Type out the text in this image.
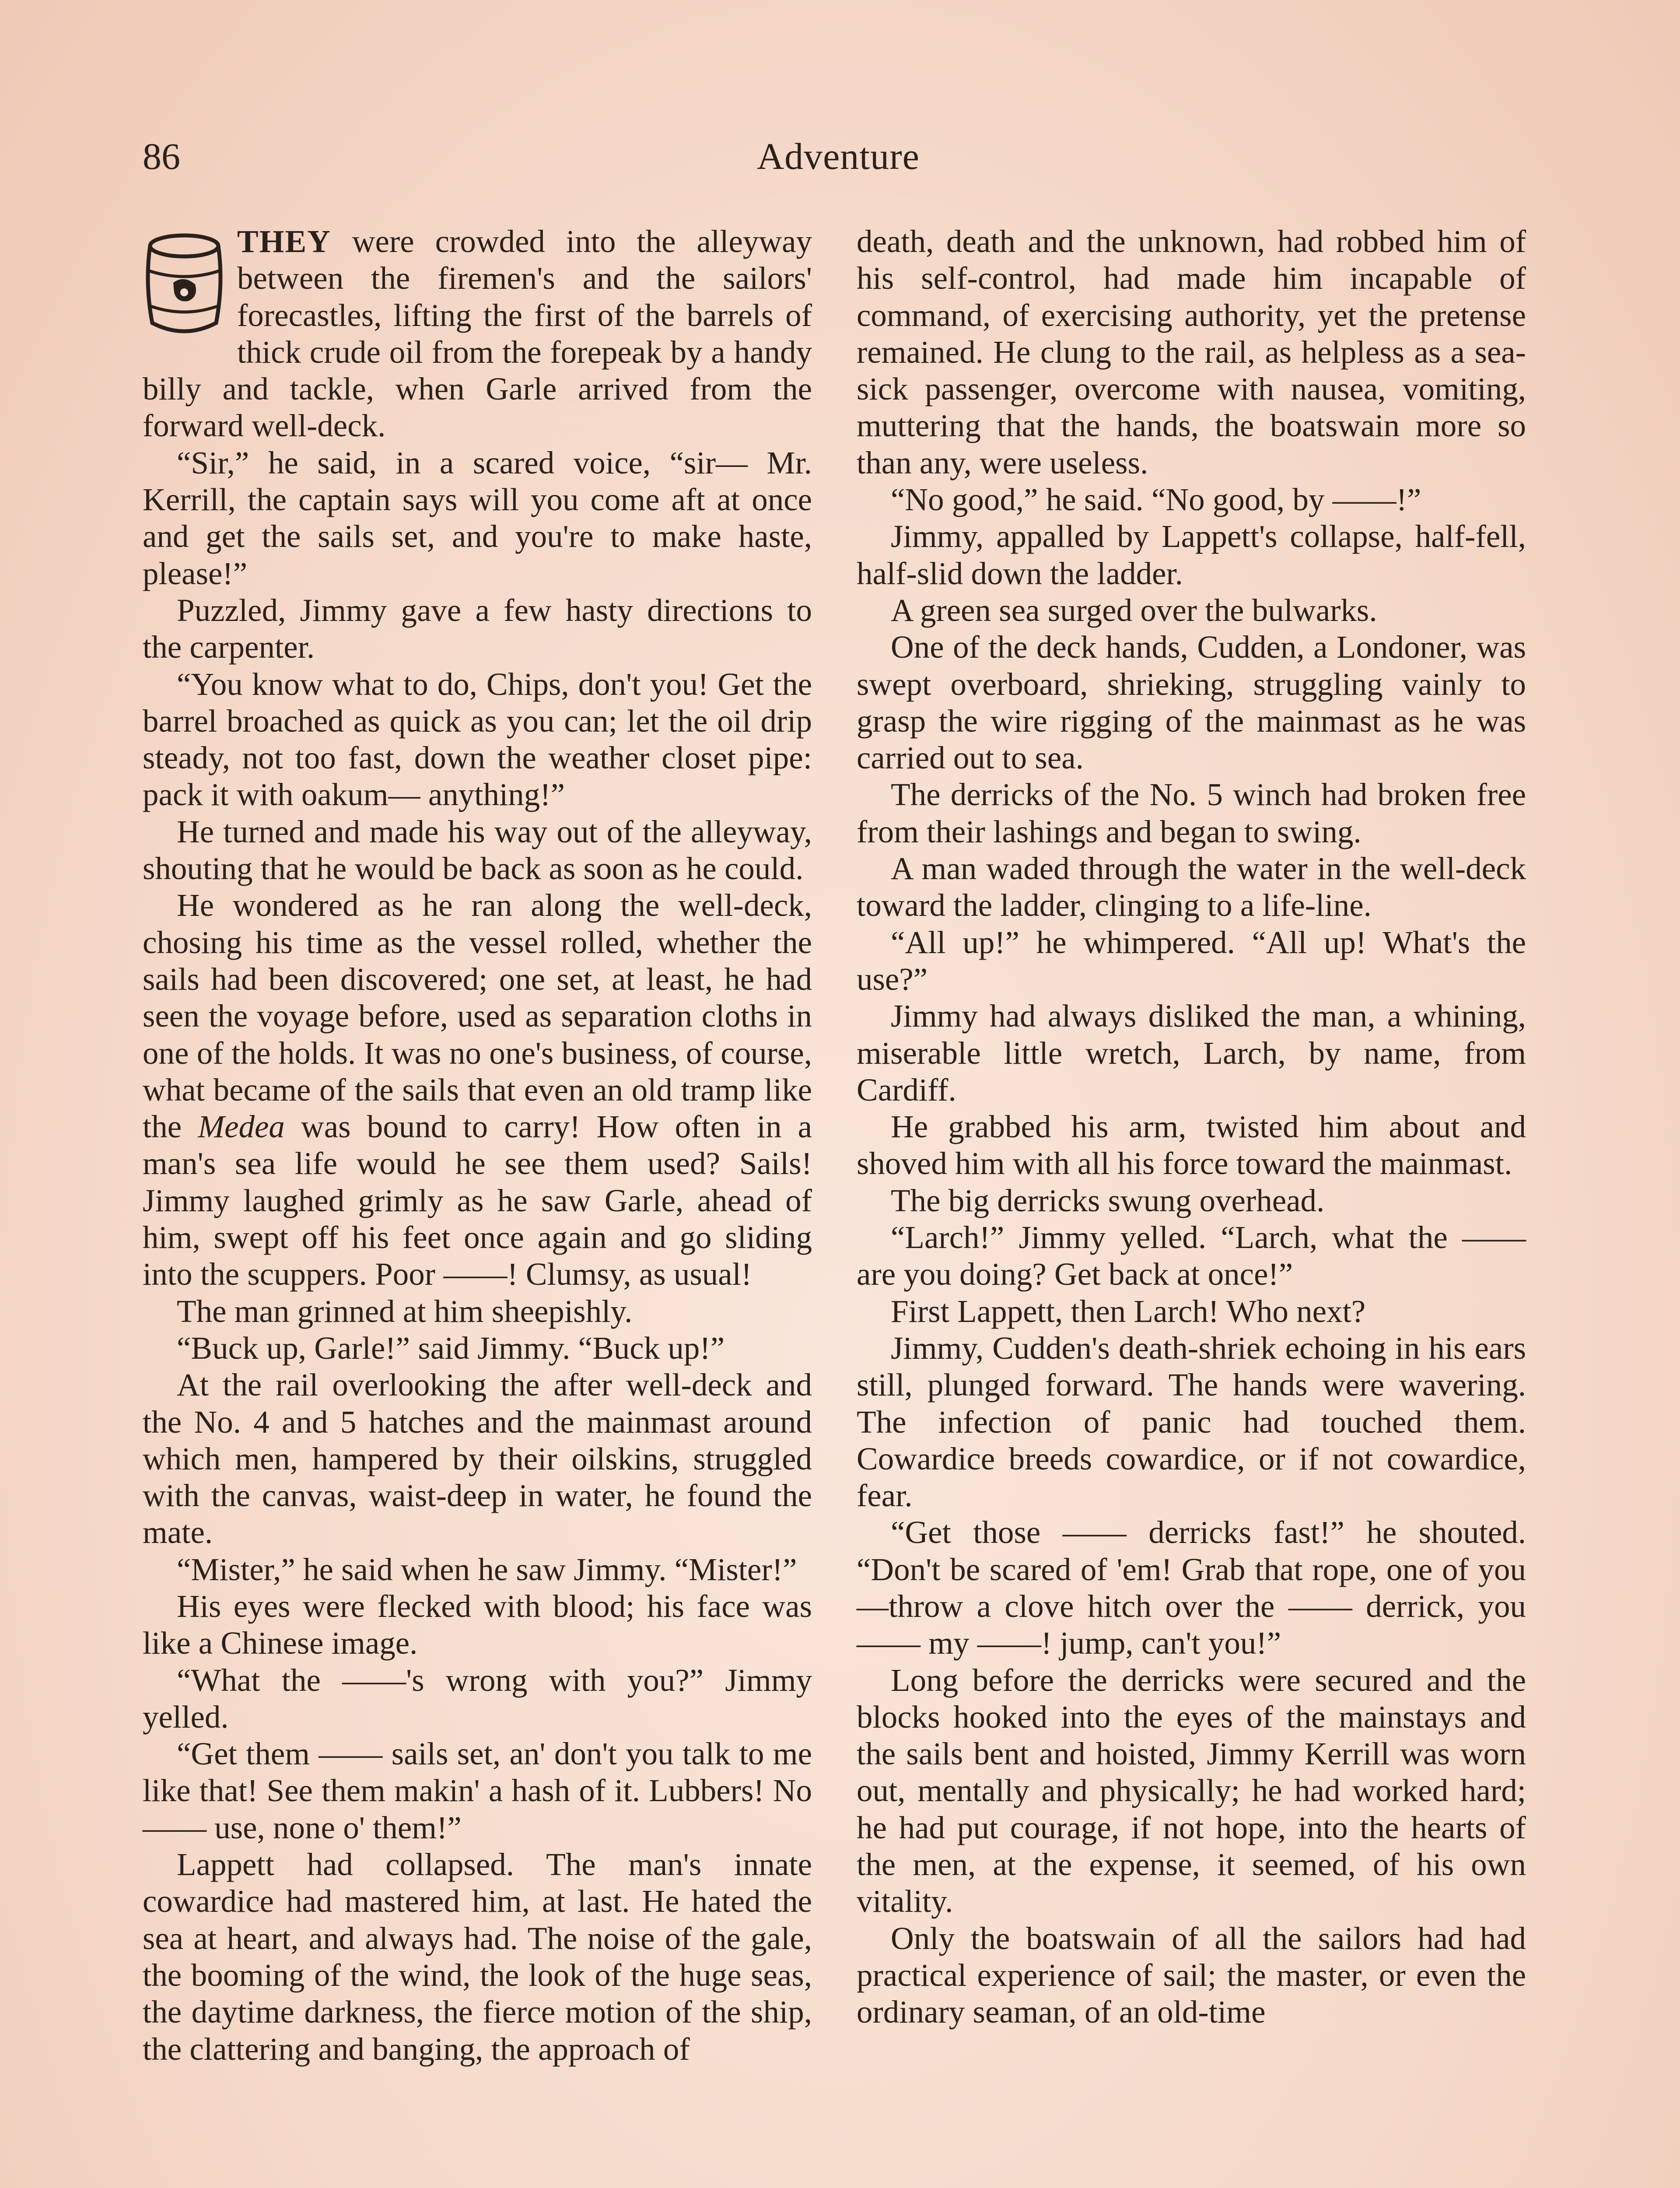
86	Adventure

THEY were crowded into the alleyway between the firemen's and the sailors' forecastles, lifting the first of the barrels of thick crude oil from the forepeak by a handy billy and tackle, when Garle arrived from the forward well-deck.

“Sir,” he said, in a scared voice, “sir— Mr. Kerrill, the captain says will you come aft at once and get the sails set, and you're to make haste, please!”

Puzzled, Jimmy gave a few hasty directions to the carpenter.

“You know what to do, Chips, don't you! Get the barrel broached as quick as you can; let the oil drip steady, not too fast, down the weather closet pipe: pack it with oakum— anything!”

He turned and made his way out of the alleyway, shouting that he would be back as soon as he could.

He wondered as he ran along the well-deck, chosing his time as the vessel rolled, whether the sails had been discovered; one set, at least, he had seen the voyage before, used as separation cloths in one of the holds. It was no one's business, of course, what became of the sails that even an old tramp like the Medea was bound to carry! How often in a man's sea life would he see them used? Sails! Jimmy laughed grimly as he saw Garle, ahead of him, swept off his feet once again and go sliding into the scuppers. Poor ——! Clumsy, as usual!

The man grinned at him sheepishly.

“Buck up, Garle!” said Jimmy. “Buck up!”

At the rail overlooking the after well-deck and the No. 4 and 5 hatches and the mainmast around which men, hampered by their oilskins, struggled with the canvas, waist-deep in water, he found the mate.

“Mister,” he said when he saw Jimmy. “Mister!”

His eyes were flecked with blood; his face was like a Chinese image.

“What the ——'s wrong with you?” Jimmy yelled.

“Get them —— sails set, an' don't you talk to me like that! See them makin' a hash of it. Lubbers! No —— use, none o' them!”

Lappett had collapsed. The man's innate cowardice had mastered him, at last. He hated the sea at heart, and always had. The noise of the gale, the booming of the wind, the look of the huge seas, the daytime darkness, the fierce motion of the ship, the clattering and banging, the approach of

death, death and the unknown, had robbed him of his self-control, had made him incapable of command, of exercising authority, yet the pretense remained. He clung to the rail, as helpless as a sea-sick passenger, overcome with nausea, vomiting, muttering that the hands, the boatswain more so than any, were useless.

“No good,” he said. “No good, by ——!”

Jimmy, appalled by Lappett's collapse, half-fell, half-slid down the ladder.

A green sea surged over the bulwarks.

One of the deck hands, Cudden, a Londoner, was swept overboard, shrieking, struggling vainly to grasp the wire rigging of the mainmast as he was carried out to sea.

The derricks of the No. 5 winch had broken free from their lashings and began to swing.

A man waded through the water in the well-deck toward the ladder, clinging to a life-line.

“All up!” he whimpered. “All up! What's the use?”

Jimmy had always disliked the man, a whining, miserable little wretch, Larch, by name, from Cardiff.

He grabbed his arm, twisted him about and shoved him with all his force toward the mainmast.

The big derricks swung overhead.

“Larch!” Jimmy yelled. “Larch, what the —— are you doing? Get back at once!”

First Lappett, then Larch! Who next?

Jimmy, Cudden's death-shriek echoing in his ears still, plunged forward. The hands were wavering. The infection of panic had touched them. Cowardice breeds cowardice, or if not cowardice, fear.

“Get those —— derricks fast!” he shouted. “Don't be scared of 'em! Grab that rope, one of you—throw a clove hitch over the —— derrick, you —— my ——! jump, can't you!”

Long before the derricks were secured and the blocks hooked into the eyes of the mainstays and the sails bent and hoisted, Jimmy Kerrill was worn out, mentally and physically; he had worked hard; he had put courage, if not hope, into the hearts of the men, at the expense, it seemed, of his own vitality.

Only the boatswain of all the sailors had had practical experience of sail; the master, or even the ordinary seaman, of an old-time
